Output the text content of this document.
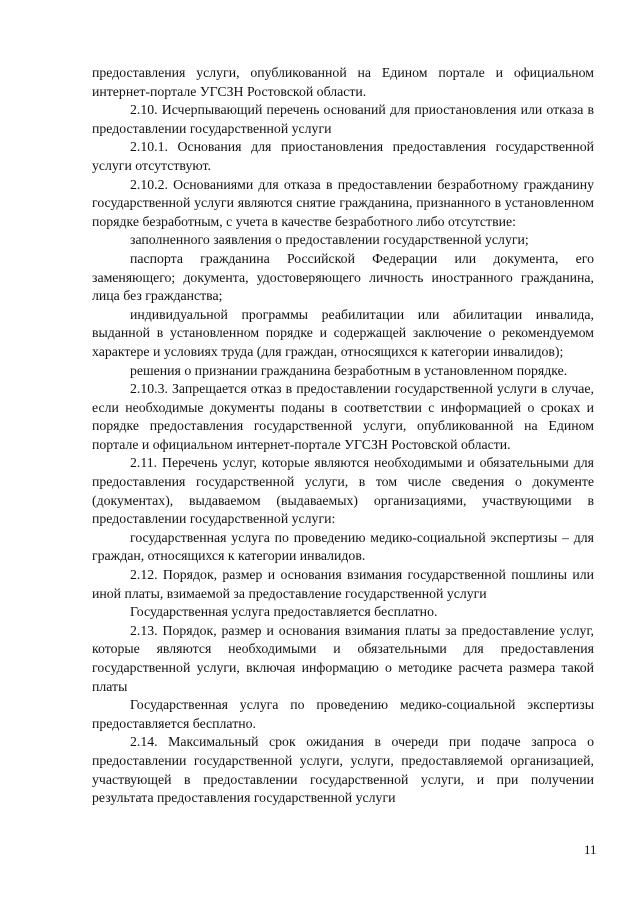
предоставления услуги, опубликованной на Едином портале и официальном интернет-портале УГСЗН Ростовской области.

2.10. Исчерпывающий перечень оснований для приостановления или отказа в предоставлении государственной услуги

2.10.1. Основания для приостановления предоставления государственной услуги отсутствуют.

2.10.2. Основаниями для отказа в предоставлении безработному гражданину государственной услуги являются снятие гражданина, признанного в установленном порядке безработным, с учета в качестве безработного либо отсутствие:

заполненного заявления о предоставлении государственной услуги;

паспорта гражданина Российской Федерации или документа, его заменяющего; документа, удостоверяющего личность иностранного гражданина, лица без гражданства;

индивидуальной программы реабилитации или абилитации инвалида, выданной в установленном порядке и содержащей заключение о рекомендуемом характере и условиях труда (для граждан, относящихся к категории инвалидов);

решения о признании гражданина безработным в установленном порядке.

2.10.3. Запрещается отказ в предоставлении государственной услуги в случае, если необходимые документы поданы в соответствии с информацией о сроках и порядке предоставления государственной услуги, опубликованной на Едином портале и официальном интернет-портале УГСЗН Ростовской области.

2.11. Перечень услуг, которые являются необходимыми и обязательными для предоставления государственной услуги, в том числе сведения о документе (документах), выдаваемом (выдаваемых) организациями, участвующими в предоставлении государственной услуги:

государственная услуга по проведению медико-социальной экспертизы – для граждан, относящихся к категории инвалидов.

2.12. Порядок, размер и основания взимания государственной пошлины или иной платы, взимаемой за предоставление государственной услуги

Государственная услуга предоставляется бесплатно.

2.13. Порядок, размер и основания взимания платы за предоставление услуг, которые являются необходимыми и обязательными для предоставления государственной услуги, включая информацию о методике расчета размера такой платы

Государственная услуга по проведению медико-социальной экспертизы предоставляется бесплатно.

2.14. Максимальный срок ожидания в очереди при подаче запроса о предоставлении государственной услуги, услуги, предоставляемой организацией, участвующей в предоставлении государственной услуги, и при получении результата предоставления государственной услуги

11
